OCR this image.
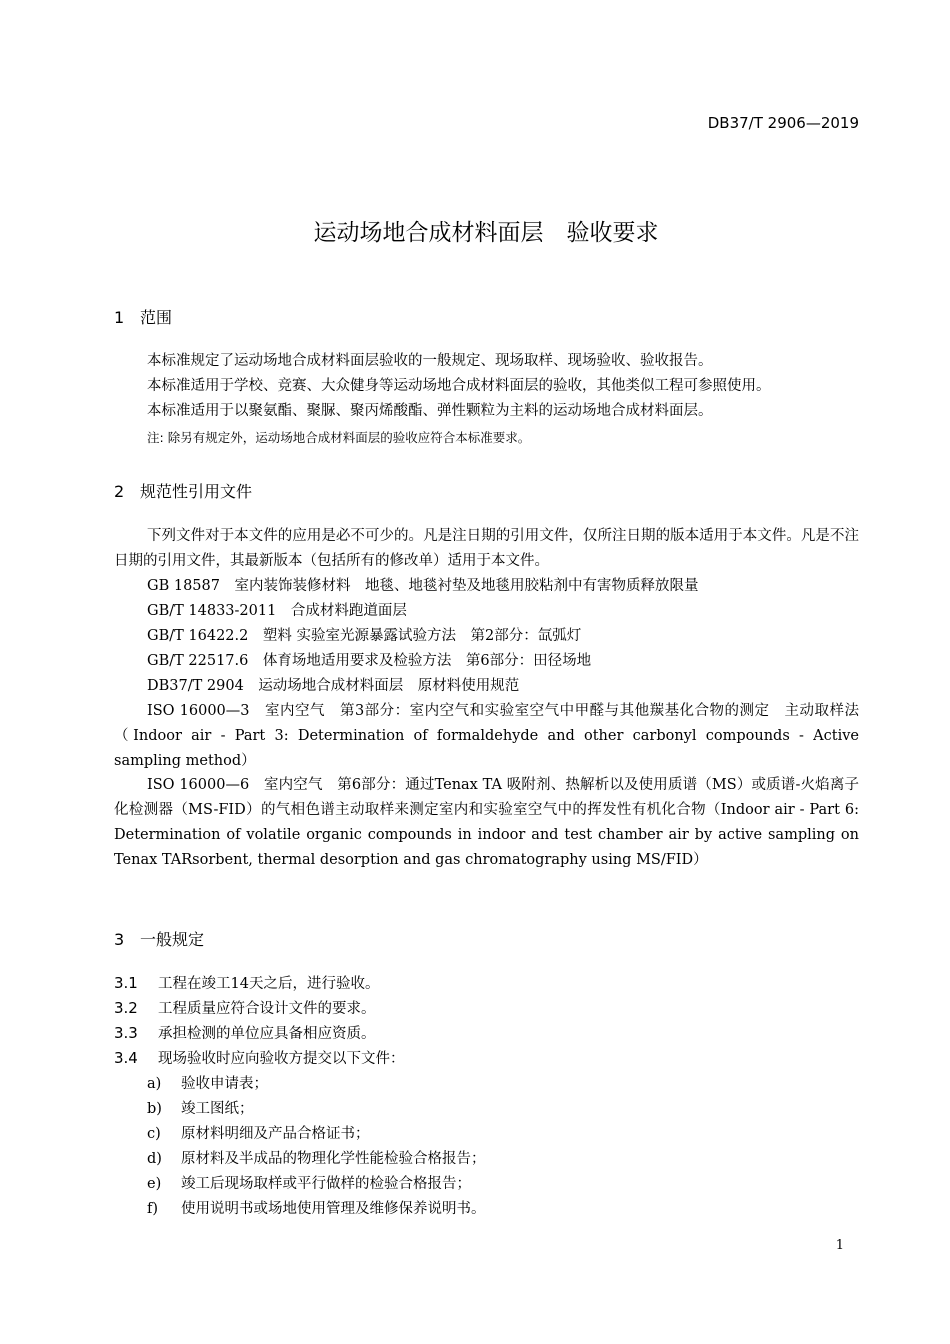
DB37/T 2906—2019
运动场地合成材料面层　验收要求
1 范围
本标准规定了运动场地合成材料面层验收的一般规定、现场取样、现场验收、验收报告。
本标准适用于学校、竞赛、大众健身等运动场地合成材料面层的验收，其他类似工程可参照使用。
本标准适用于以聚氨酯、聚脲、聚丙烯酸酯、弹性颗粒为主料的运动场地合成材料面层。
注: 除另有规定外，运动场地合成材料面层的验收应符合本标准要求。
2 规范性引用文件
下列文件对于本文件的应用是必不可少的。凡是注日期的引用文件，仅所注日期的版本适用于本文件。凡是不注日期的引用文件，其最新版本（包括所有的修改单）适用于本文件。
GB 18587　室内装饰装修材料　地毯、地毯衬垫及地毯用胶粘剂中有害物质释放限量
GB/T 14833-2011　合成材料跑道面层
GB/T 16422.2　塑料 实验室光源暴露试验方法　第2部分：氙弧灯
GB/T 22517.6　体育场地适用要求及检验方法　第6部分：田径场地
DB37/T 2904　运动场地合成材料面层　原材料使用规范
ISO 16000—3　室内空气　第3部分：室内空气和实验室空气中甲醛与其他羰基化合物的测定　主动取样法（Indoor air - Part 3: Determination of formaldehyde and other carbonyl compounds - Active sampling method）
ISO 16000—6　室内空气　第6部分：通过Tenax TA 吸附剂、热解析以及使用质谱（MS）或质谱-火焰离子化检测器（MS-FID）的气相色谱主动取样来测定室内和实验室空气中的挥发性有机化合物（Indoor air - Part 6: Determination of volatile organic compounds in indoor and test chamber air by active sampling on Tenax TARsorbent, thermal desorption and gas chromatography using MS/FID）
3 一般规定
3.1 工程在竣工14天之后，进行验收。
3.2 工程质量应符合设计文件的要求。
3.3 承担检测的单位应具备相应资质。
3.4 现场验收时应向验收方提交以下文件：
a) 验收申请表；
b) 竣工图纸；
c) 原材料明细及产品合格证书；
d) 原材料及半成品的物理化学性能检验合格报告；
e) 竣工后现场取样或平行做样的检验合格报告；
f) 使用说明书或场地使用管理及维修保养说明书。
1
